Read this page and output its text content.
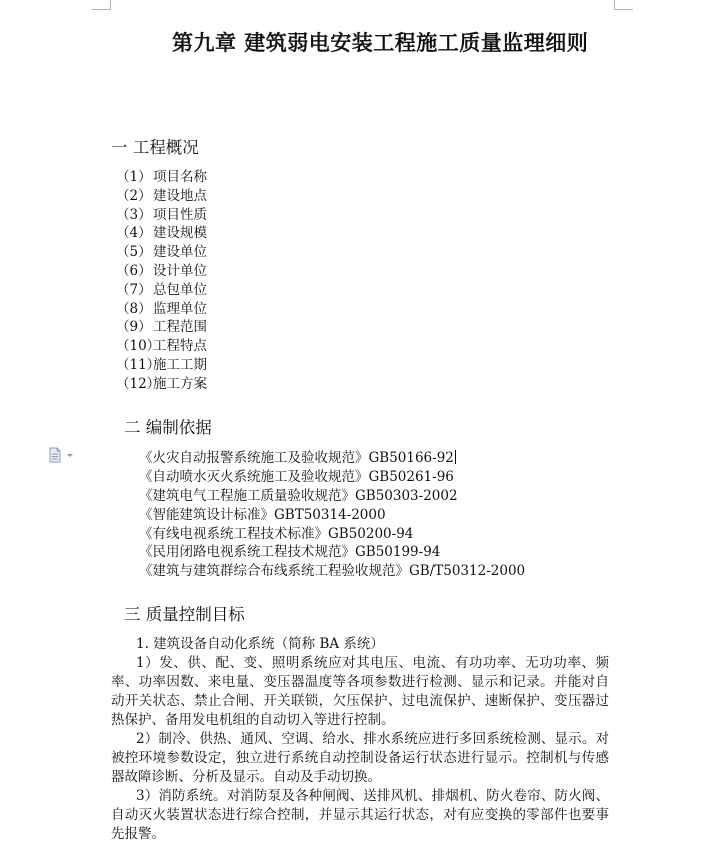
第九章 建筑弱电安装工程施工质量监理细则
一 工程概况
（1）项目名称
（2）建设地点
（3）项目性质
（4）建设规模
（5）建设单位
（6）设计单位
（7）总包单位
（8）监理单位
（9）工程范围
（10）工程特点
（11）施工工期
（12）施工方案
二 编制依据
《火灾自动报警系统施工及验收规范》GB50166-92
《自动喷水灭火系统施工及验收规范》GB50261-96
《建筑电气工程施工质量验收规范》GB50303-2002
《智能建筑设计标准》GBT50314-2000
《有线电视系统工程技术标准》GB50200-94
《民用闭路电视系统工程技术规范》GB50199-94
《建筑与建筑群综合布线系统工程验收规范》GB/T50312-2000
三 质量控制目标

1. 建筑设备自动化系统（简称 BA 系统）

1）发、供、配、变、照明系统应对其电压、电流、有功功率、无功功率、频率、功率因数、来电量、变压器温度等各项参数进行检测、显示和记录。并能对自动开关状态、禁止合闸、开关联锁，欠压保护、过电流保护、速断保护、变压器过热保护、备用发电机组的自动切入等进行控制。

2）制冷、供热、通风、空调、给水、排水系统应进行多回系统检测、显示。对被控环境参数设定，独立进行系统自动控制设备运行状态进行显示。控制机与传感器故障诊断、分析及显示。自动及手动切换。

3）消防系统。对消防泵及各种闸阀、送排风机、排烟机、防火卷帘、防火阀、自动灭火装置状态进行综合控制，并显示其运行状态，对有应变换的零部件也要事先报警。
